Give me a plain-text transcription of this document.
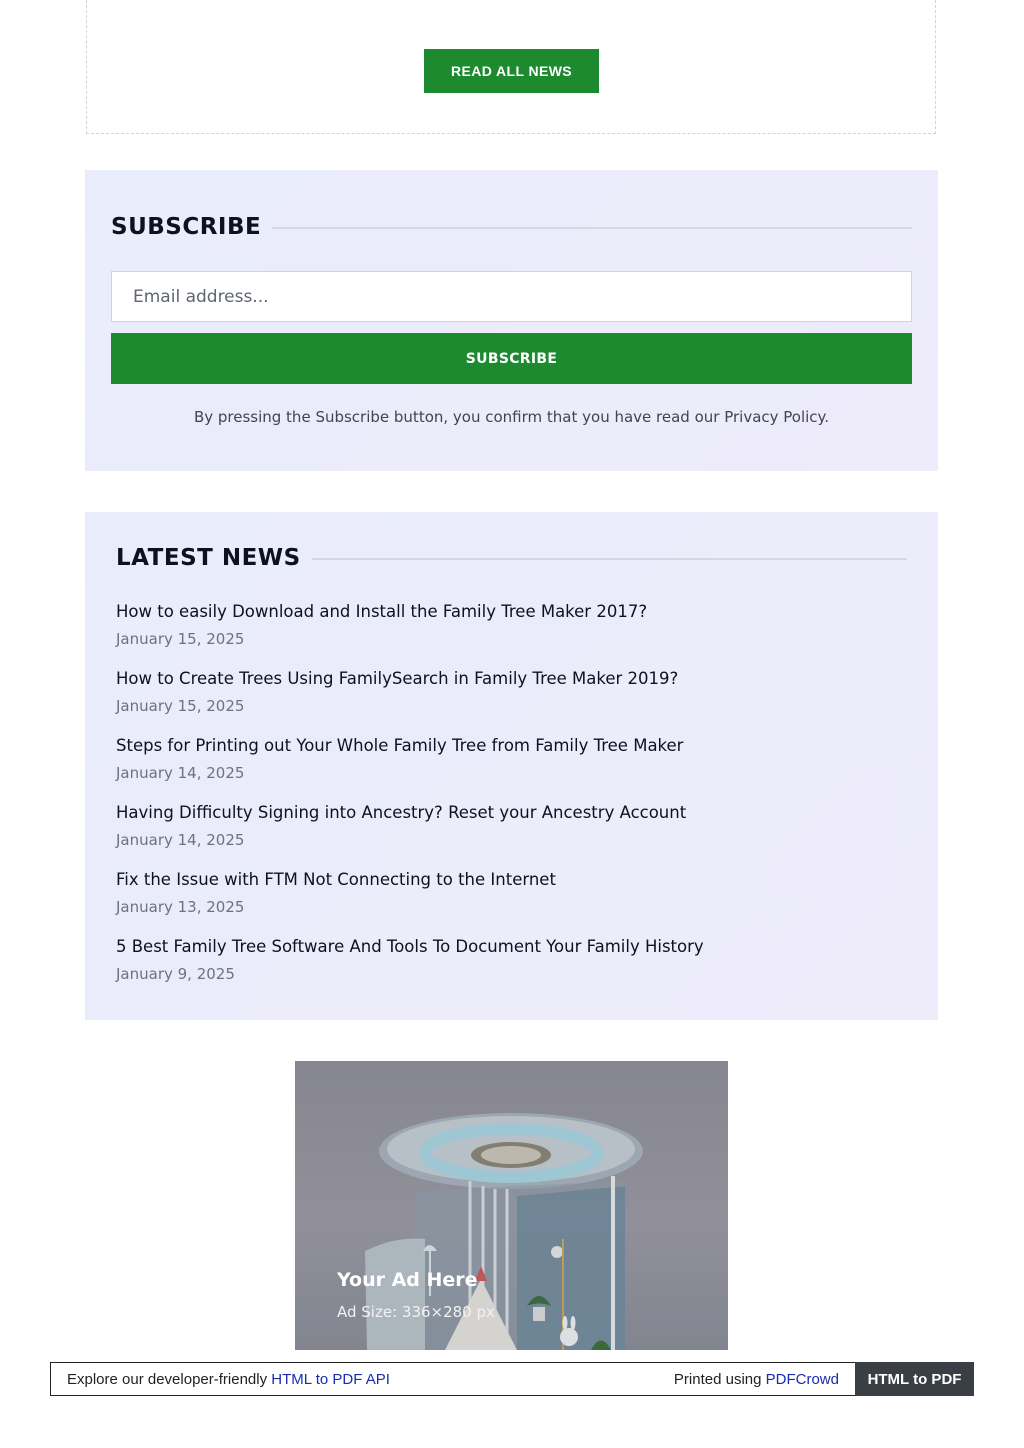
READ ALL NEWS
SUBSCRIBE
Email address...
SUBSCRIBE
By pressing the Subscribe button, you confirm that you have read our Privacy Policy.
LATEST NEWS
How to easily Download and Install the Family Tree Maker 2017?
January 15, 2025
How to Create Trees Using FamilySearch in Family Tree Maker 2019?
January 15, 2025
Steps for Printing out Your Whole Family Tree from Family Tree Maker
January 14, 2025
Having Difficulty Signing into Ancestry? Reset your Ancestry Account
January 14, 2025
Fix the Issue with FTM Not Connecting to the Internet
January 13, 2025
5 Best Family Tree Software And Tools To Document Your Family History
January 9, 2025
Your Ad Here
Ad Size: 336×280 px
Explore our developer-friendly HTML to PDF API	Printed using PDFCrowd	HTML to PDF
